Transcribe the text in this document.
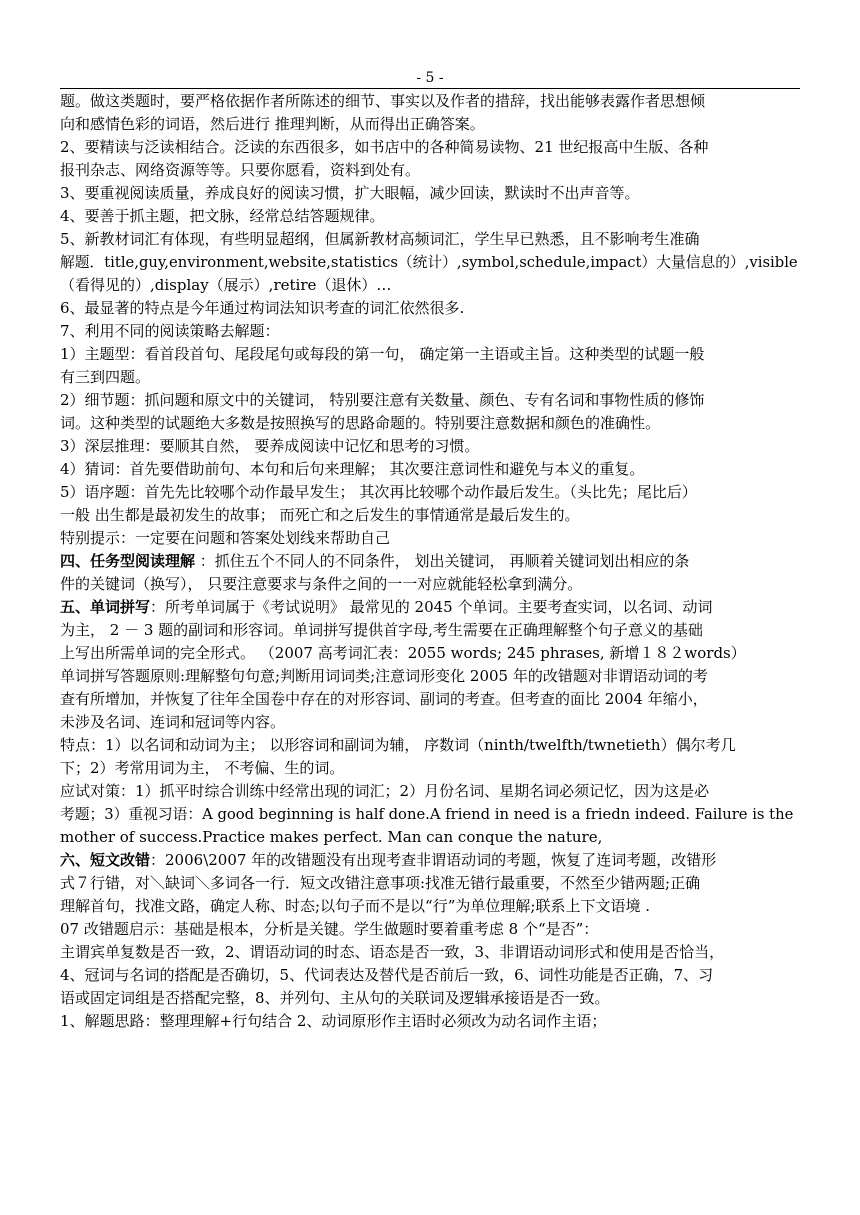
- 5 -
题。做这类题时，要严格依据作者所陈述的细节、事实以及作者的措辞，找出能够表露作者思想倾
向和感情色彩的词语，然后进行 推理判断，从而得出正确答案。
2、要精读与泛读相结合。泛读的东西很多，如书店中的各种简易读物、21 世纪报高中生版、各种
报刊杂志、网络资源等等。只要你愿看，资料到处有。
3、要重视阅读质量，养成良好的阅读习惯，扩大眼幅，减少回读，默读时不出声音等。
4、要善于抓主题，把文脉，经常总结答题规律。
5、新教材词汇有体现，有些明显超纲，但属新教材高频词汇，学生早已熟悉，且不影响考生准确
解题．title,guy,environment,website,statistics（统计）,symbol,schedule,impact）大量信息的）,visible
（看得见的）,display（展示）,retire（退休）…
6、最显著的特点是今年通过构词法知识考查的词汇依然很多.
7、利用不同的阅读策略去解题：
1）主题型：看首段首句、尾段尾句或每段的第一句， 确定第一主语或主旨。这种类型的试题一般
有三到四题。
2）细节题：抓问题和原文中的关键词， 特别要注意有关数量、颜色、专有名词和事物性质的修饰
词。这种类型的试题绝大多数是按照换写的思路命题的。特别要注意数据和颜色的准确性。
3）深层推理：要顺其自然， 要养成阅读中记忆和思考的习惯。
4）猜词：首先要借助前句、本句和后句来理解； 其次要注意词性和避免与本义的重复。
5）语序题：首先先比较哪个动作最早发生； 其次再比较哪个动作最后发生。（头比先；尾比后）
一般 出生都是最初发生的故事； 而死亡和之后发生的事情通常是最后发生的。
特别提示：一定要在问题和答案处划线来帮助自己
四、任务型阅读理解 ：抓住五个不同人的不同条件， 划出关键词， 再顺着关键词划出相应的条
件的关键词（换写）， 只要注意要求与条件之间的一一对应就能轻松拿到满分。
五、单词拼写：所考单词属于《考试说明》 最常见的 2045 个单词。主要考查实词，以名词、动词
为主， 2 － 3 题的副词和形容词。单词拼写提供首字母,考生需要在正确理解整个句子意义的基础
上写出所需单词的完全形式。 （2007 高考词汇表：2055 words; 245 phrases, 新增１８２words）
单词拼写答题原则:理解整句句意;判断用词词类;注意词形变化 2005 年的改错题对非谓语动词的考
查有所增加，并恢复了往年全国卷中存在的对形容词、副词的考查。但考查的面比 2004 年缩小，
未涉及名词、连词和冠词等内容。
特点：1）以名词和动词为主； 以形容词和副词为辅， 序数词（ninth/twelfth/twnetieth）偶尔考几
下；2）考常用词为主， 不考偏、生的词。
应试对策：1）抓平时综合训练中经常出现的词汇；2）月份名词、星期名词必须记忆，因为这是必
考题；3）重视习语：A good beginning is half done.A friend in need is a friedn indeed. Failure is the
mother of success.Practice makes perfect. Man can conque the nature,
六、短文改错：2006\2007 年的改错题没有出现考查非谓语动词的考题，恢复了连词考题，改错形
式７行错，对＼缺词＼多词各一行．短文改错注意事项:找准无错行最重要，不然至少错两题;正确
理解首句，找准文路，确定人称、时态;以句子而不是以“行”为单位理解;联系上下文语境 .
07 改错题启示：基础是根本，分析是关键。学生做题时要着重考虑 8 个“是否”：
主谓宾单复数是否一致，2、谓语动词的时态、语态是否一致，3、非谓语动词形式和使用是否恰当，
4、冠词与名词的搭配是否确切，5、代词表达及替代是否前后一致，6、词性功能是否正确，7、习
语或固定词组是否搭配完整，8、并列句、主从句的关联词及逻辑承接语是否一致。
1、解题思路：整理理解+行句结合 2、动词原形作主语时必须改为动名词作主语；
